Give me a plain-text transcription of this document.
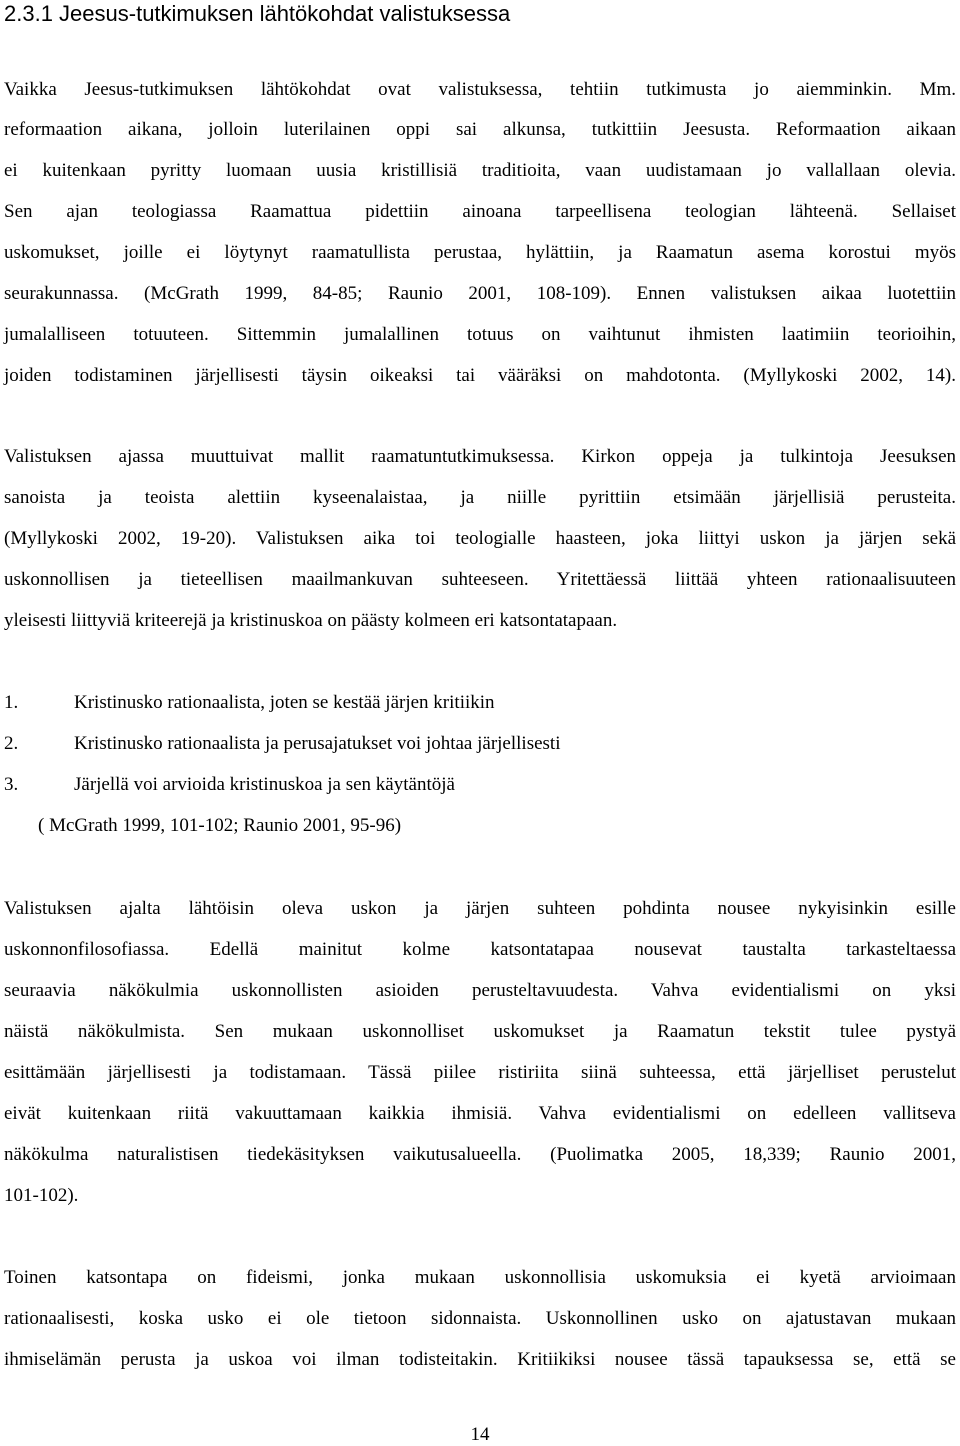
2.3.1 Jeesus-tutkimuksen lähtökohdat valistuksessa
Vaikka Jeesus-tutkimuksen lähtökohdat ovat valistuksessa, tehtiin tutkimusta jo aiemminkin. Mm.
reformaation aikana, jolloin luterilainen oppi sai alkunsa, tutkittiin Jeesusta. Reformaation aikaan
ei kuitenkaan pyritty luomaan uusia kristillisiä traditioita, vaan uudistamaan jo vallallaan olevia.
Sen ajan teologiassa Raamattua pidettiin ainoana tarpeellisena teologian lähteenä. Sellaiset
uskomukset, joille ei löytynyt raamatullista perustaa, hylättiin, ja Raamatun asema korostui myös
seurakunnassa. (McGrath 1999, 84-85; Raunio 2001, 108-109). Ennen valistuksen aikaa luotettiin
jumalalliseen totuuteen. Sittemmin jumalallinen totuus on vaihtunut ihmisten laatimiin teorioihin,
joiden todistaminen järjellisesti täysin oikeaksi tai vääräksi on mahdotonta. (Myllykoski 2002, 14).
Valistuksen ajassa muuttuivat mallit raamatuntutkimuksessa. Kirkon oppeja ja tulkintoja Jeesuksen
sanoista ja teoista alettiin kyseenalaistaa, ja niille pyrittiin etsimään järjellisiä perusteita.
(Myllykoski 2002, 19-20). Valistuksen aika toi teologialle haasteen, joka liittyi uskon ja järjen sekä
uskonnollisen ja tieteellisen maailmankuvan suhteeseen. Yritettäessä liittää yhteen rationaalisuuteen
yleisesti liittyviä kriteerejä ja kristinuskoa on päästy kolmeen eri katsontatapaan.
1.	Kristinusko rationaalista, joten se kestää järjen kritiikin
2.	Kristinusko rationaalista ja perusajatukset voi johtaa järjellisesti
3.	Järjellä voi arvioida kristinuskoa ja sen käytäntöjä
( McGrath 1999, 101-102; Raunio 2001, 95-96)
Valistuksen ajalta lähtöisin oleva uskon ja järjen suhteen pohdinta nousee nykyisinkin esille
uskonnonfilosofiassa. Edellä mainitut kolme katsontatapaa nousevat taustalta tarkasteltaessa
seuraavia näkökulmia uskonnollisten asioiden perusteltavuudesta. Vahva evidentialismi on yksi
näistä näkökulmista. Sen mukaan uskonnolliset uskomukset ja Raamatun tekstit tulee pystyä
esittämään järjellisesti ja todistamaan. Tässä piilee ristiriita siinä suhteessa, että järjelliset perustelut
eivät kuitenkaan riitä vakuuttamaan kaikkia ihmisiä. Vahva evidentialismi on edelleen vallitseva
näkökulma naturalistisen tiedekäsityksen vaikutusalueella. (Puolimatka 2005, 18,339; Raunio 2001,
101-102).
Toinen katsontapa on fideismi, jonka mukaan uskonnollisia uskomuksia ei kyetä arvioimaan
rationaalisesti, koska usko ei ole tietoon sidonnaista. Uskonnollinen usko on ajatustavan mukaan
ihmiselämän perusta ja uskoa voi ilman todisteitakin. Kritiikiksi nousee tässä tapauksessa se, että se
14
